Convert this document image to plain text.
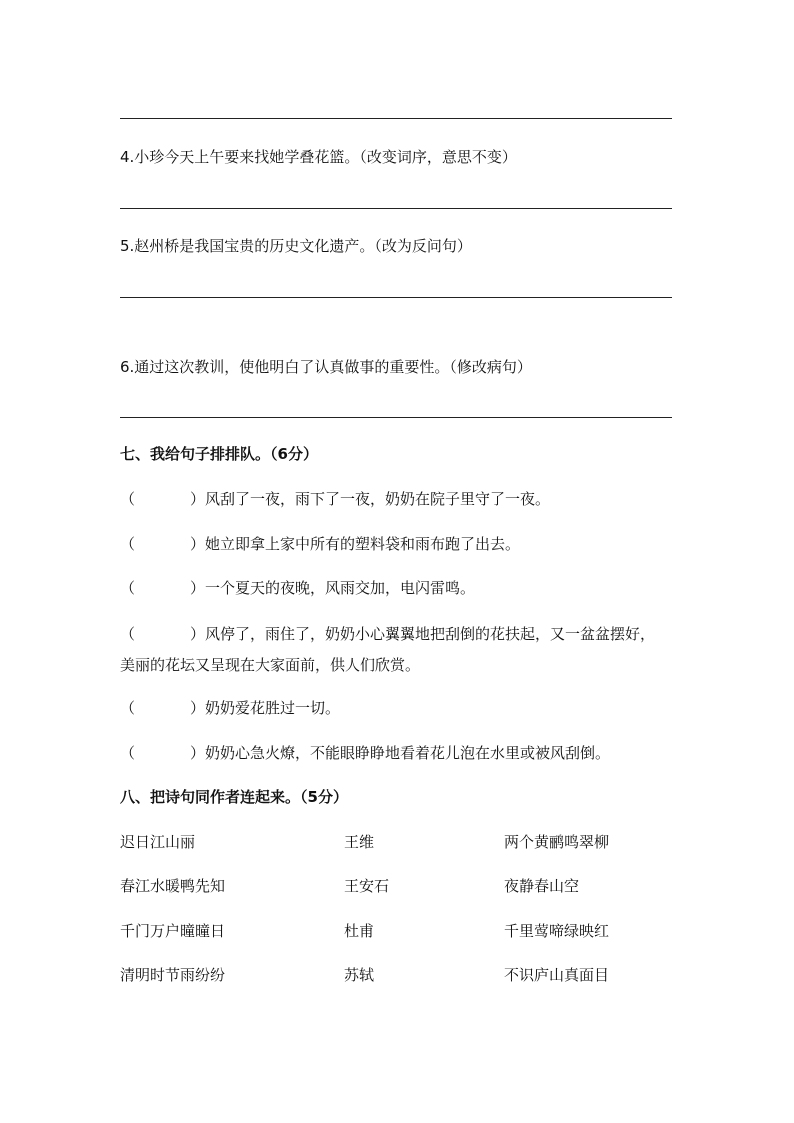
4.小珍今天上午要来找她学叠花篮。（改变词序，意思不变）
5.赵州桥是我国宝贵的历史文化遗产。（改为反问句）
6.通过这次教训，使他明白了认真做事的重要性。（修改病句）
七、我给句子排排队。（6分）
（	）风刮了一夜，雨下了一夜，奶奶在院子里守了一夜。
（	）她立即拿上家中所有的塑料袋和雨布跑了出去。
（	）一个夏天的夜晚，风雨交加，电闪雷鸣。
（	）风停了，雨住了，奶奶小心翼翼地把刮倒的花扶起，又一盆盆摆好，
美丽的花坛又呈现在大家面前，供人们欣赏。
（	）奶奶爱花胜过一切。
（	）奶奶心急火燎，不能眼睁睁地看着花儿泡在水里或被风刮倒。
八、把诗句同作者连起来。（5分）
迟日江山丽	王维	两个黄鹂鸣翠柳
春江水暖鸭先知	王安石	夜静春山空
千门万户曈曈日	杜甫	千里莺啼绿映红
清明时节雨纷纷	苏轼	不识庐山真面目
